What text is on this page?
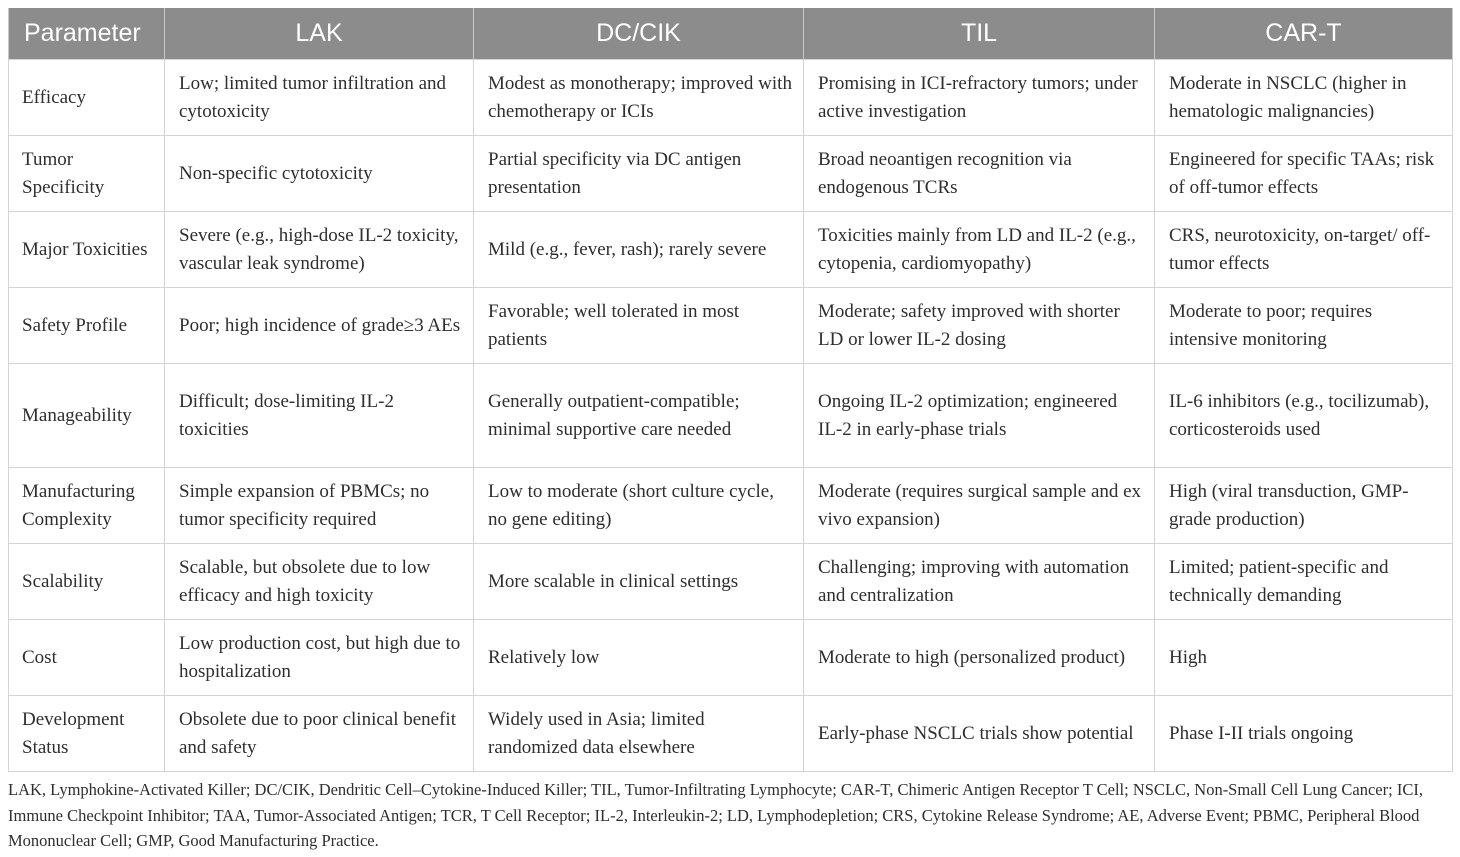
Parameter	LAK	DC/CIK	TIL	CAR-T
Efficacy	Low; limited tumor infiltration and cytotoxicity	Modest as monotherapy; improved with chemotherapy or ICIs	Promising in ICI-refractory tumors; under active investigation	Moderate in NSCLC (higher in hematologic malignancies)
Tumor Specificity	Non-specific cytotoxicity	Partial specificity via DC antigen presentation	Broad neoantigen recognition via endogenous TCRs	Engineered for specific TAAs; risk of off-tumor effects
Major Toxicities	Severe (e.g., high-dose IL-2 toxicity, vascular leak syndrome)	Mild (e.g., fever, rash); rarely severe	Toxicities mainly from LD and IL-2 (e.g., cytopenia, cardiomyopathy)	CRS, neurotoxicity, on-target/ off-tumor effects
Safety Profile	Poor; high incidence of grade≥3 AEs	Favorable; well tolerated in most patients	Moderate; safety improved with shorter LD or lower IL-2 dosing	Moderate to poor; requires intensive monitoring
Manageability	Difficult; dose-limiting IL-2 toxicities	Generally outpatient-compatible; minimal supportive care needed	Ongoing IL-2 optimization; engineered IL-2 in early-phase trials	IL-6 inhibitors (e.g., tocilizumab), corticosteroids used
Manufacturing Complexity	Simple expansion of PBMCs; no tumor specificity required	Low to moderate (short culture cycle, no gene editing)	Moderate (requires surgical sample and ex vivo expansion)	High (viral transduction, GMP-grade production)
Scalability	Scalable, but obsolete due to low efficacy and high toxicity	More scalable in clinical settings	Challenging; improving with automation and centralization	Limited; patient-specific and technically demanding
Cost	Low production cost, but high due to hospitalization	Relatively low	Moderate to high (personalized product)	High
Development Status	Obsolete due to poor clinical benefit and safety	Widely used in Asia; limited randomized data elsewhere	Early-phase NSCLC trials show potential	Phase I-II trials ongoing
LAK, Lymphokine-Activated Killer; DC/CIK, Dendritic Cell–Cytokine-Induced Killer; TIL, Tumor-Infiltrating Lymphocyte; CAR-T, Chimeric Antigen Receptor T Cell; NSCLC, Non-Small Cell Lung Cancer; ICI, Immune Checkpoint Inhibitor; TAA, Tumor-Associated Antigen; TCR, T Cell Receptor; IL-2, Interleukin-2; LD, Lymphodepletion; CRS, Cytokine Release Syndrome; AE, Adverse Event; PBMC, Peripheral Blood Mononuclear Cell; GMP, Good Manufacturing Practice.
